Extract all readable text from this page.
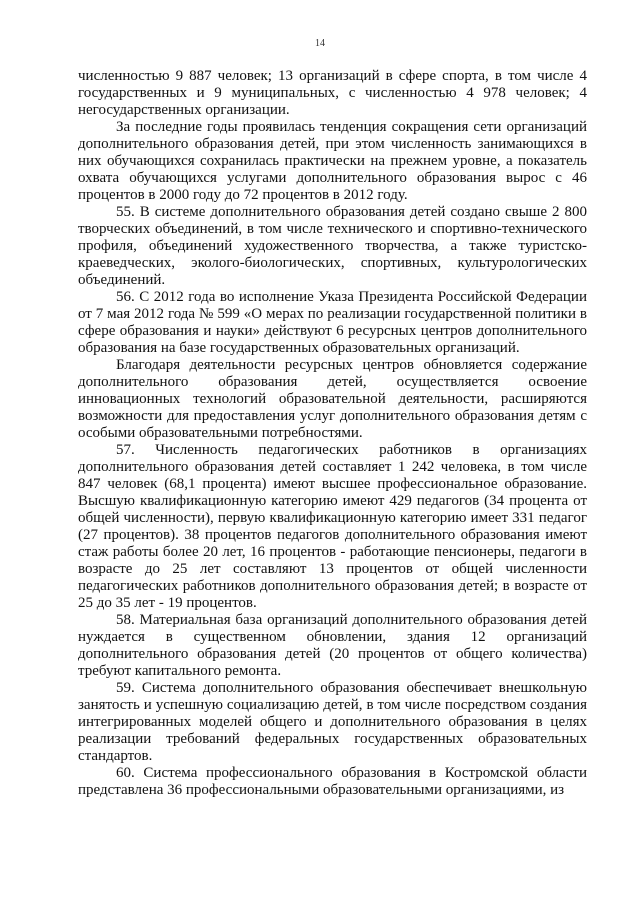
14

численностью 9 887 человек; 13 организаций в сфере спорта, в том числе 4 государственных и 9 муниципальных, с численностью 4 978 человек; 4 негосударственных организации.

За последние годы проявилась тенденция сокращения сети организаций дополнительного образования детей, при этом численность занимающихся в них обучающихся сохранилась практически на прежнем уровне, а показатель охвата обучающихся услугами дополнительного образования вырос с 46 процентов в 2000 году до 72 процентов в 2012 году.

55. В системе дополнительного образования детей создано свыше 2 800 творческих объединений, в том числе технического и спортивно-технического профиля, объединений художественного творчества, а также туристско-краеведческих, эколого-биологических, спортивных, культурологических объединений.

56. С 2012 года во исполнение Указа Президента Российской Федерации от 7 мая 2012 года № 599 «О мерах по реализации государственной политики в сфере образования и науки» действуют 6 ресурсных центров дополнительного образования на базе государственных образовательных организаций.

Благодаря деятельности ресурсных центров обновляется содержание дополнительного образования детей, осуществляется освоение инновационных технологий образовательной деятельности, расширяются возможности для предоставления услуг дополнительного образования детям с особыми образовательными потребностями.

57. Численность педагогических работников в организациях дополнительного образования детей составляет 1 242 человека, в том числе 847 человек (68,1 процента) имеют высшее профессиональное образование. Высшую квалификационную категорию имеют 429 педагогов (34 процента от общей численности), первую квалификационную категорию имеет 331 педагог (27 процентов). 38 процентов педагогов дополнительного образования имеют стаж работы более 20 лет, 16 процентов - работающие пенсионеры, педагоги в возрасте до 25 лет составляют 13 процентов от общей численности педагогических работников дополнительного образования детей; в возрасте от 25 до 35 лет - 19 процентов.

58. Материальная база организаций дополнительного образования детей нуждается в существенном обновлении, здания 12 организаций дополнительного образования детей (20 процентов от общего количества) требуют капитального ремонта.

59. Система дополнительного образования обеспечивает внешкольную занятость и успешную социализацию детей, в том числе посредством создания интегрированных моделей общего и дополнительного образования в целях реализации требований федеральных государственных образовательных стандартов.

60. Система профессионального образования в Костромской области представлена 36 профессиональными образовательными организациями, из
